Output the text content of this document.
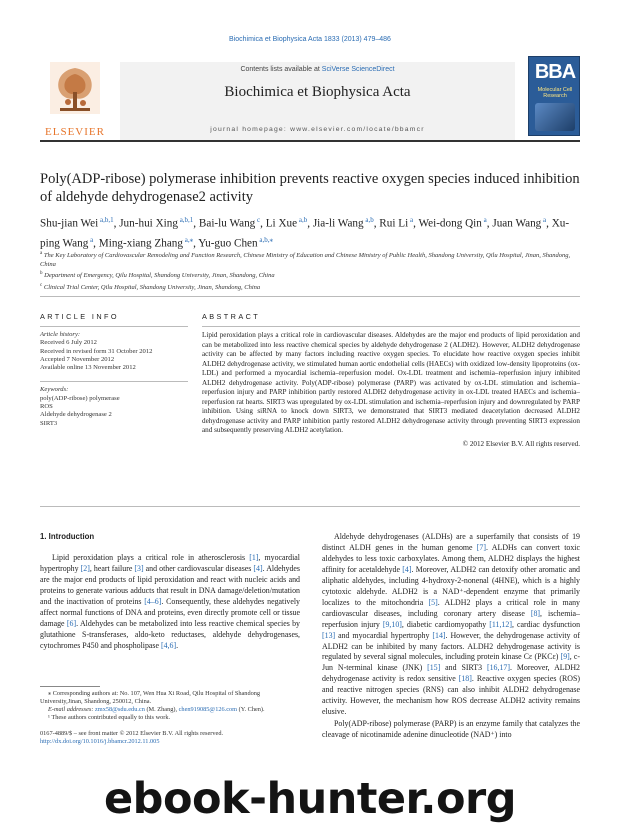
Biochimica et Biophysica Acta 1833 (2013) 479–486
ELSEVIER
Contents lists available at SciVerse ScienceDirect
Biochimica et Biophysica Acta
journal homepage: www.elsevier.com/locate/bbamcr
BBA
Molecular Cell Research
Poly(ADP-ribose) polymerase inhibition prevents reactive oxygen species induced inhibition of aldehyde dehydrogenase2 activity
Shu-jian Wei $^{a,b,1}$, Jun-hui Xing $^{a,b,1}$, Bai-lu Wang $^c$, Li Xue $^{a,b}$, Jia-li Wang $^{a,b}$, Rui Li $^a$, Wei-dong Qin $^a$, Juan Wang $^a$, Xu-ping Wang $^a$, Ming-xiang Zhang $^{a,⁎}$, Yu-guo Chen $^{a,b,⁎}$

$^a$ The Key Laboratory of Cardiovascular Remodeling and Function Research, Chinese Ministry of Education and Chinese Ministry of Public Health, Shandong University, Qilu Hospital, Jinan, Shandong, China

$^b$ Department of Emergency, Qilu Hospital, Shandong University, Jinan, Shandong, China

$^c$ Clinical Trial Center, Qilu Hospital, Shandong University, Jinan, Shandong, China

ARTICLE INFO
Article history:
Received 6 July 2012
Received in revised form 31 October 2012
Accepted 7 November 2012
Available online 13 November 2012
Keywords:
poly(ADP-ribose) polymerase
ROS
Aldehyde dehydrogenase 2
SIRT3
ABSTRACT

Lipid peroxidation plays a critical role in cardiovascular diseases. Aldehydes are the major end products of lipid peroxidation and can be metabolized into less reactive chemical species by aldehyde dehydrogenase 2 (ALDH2). However, ALDH2 dehydrogenase activity can be affected by many factors including reactive oxygen species. To elucidate how reactive oxygen species inhibit ALDH2 dehydrogenase activity, we stimulated human aortic endothelial cells (HAECs) with oxidized low-density lipoproteins (ox-LDL) and performed a myocardial ischemia–reperfusion model. Ox-LDL treatment and ischemia–reperfusion injury inhibited ALDH2 dehydrogenase activity. Poly(ADP-ribose) polymerase (PARP) was activated by ox-LDL stimulation and ischemia–reperfusion injury and PARP inhibition partly restored ALDH2 dehydrogenase activity in ox-LDL treated HAECs and ischemia–reperfusion rat hearts. SIRT3 was upregulated by ox-LDL stimulation and ischemia–reperfusion injury and downregulated by PARP inhibition. Using siRNA to knock down SIRT3, we demonstrated that SIRT3 mediated deacetylation decreased ALDH2 dehydrogenase activity and PARP inhibition partly restored ALDH2 dehydrogenase activity through preventing SIRT3 expression and subsequently preserving ALDH2 acetylation.

© 2012 Elsevier B.V. All rights reserved.
1. Introduction

Lipid peroxidation plays a critical role in atherosclerosis [1], myocardial hypertrophy [2], heart failure [3] and other cardiovascular diseases [4]. Aldehydes are the major end products of lipid peroxidation and react with nucleic acids and proteins to generate various adducts that result in DNA damage/deletion/mutation and the inactivation of proteins [4–6]. Consequently, these aldehydes negatively affect normal functions of DNA and proteins, even directly promote cell or tissue damage [6]. Aldehydes can be metabolized into less reactive chemical species by glutathione S-transferases, aldo-keto reductases, aldehyde dehydrogenases, cytochromes P450 and phospholipase [4,6].

Aldehyde dehydrogenases (ALDHs) are a superfamily that consists of 19 distinct ALDH genes in the human genome [7]. ALDHs can convert toxic aldehydes to less toxic carboxylates. Among them, ALDH2 displays the highest affinity for acetaldehyde [4]. Moreover, ALDH2 can detoxify other aromatic and aliphatic aldehydes, including 4-hydroxy-2-nonenal (4HNE), which is a highly cytotoxic aldehyde. ALDH2 is a NAD⁺-dependent enzyme that primarily localizes to the mitochondria [5]. ALDH2 plays a critical role in many cardiovascular diseases, including coronary artery disease [8], ischemia–reperfusion injury [9,10], diabetic cardiomyopathy [11,12], cardiac dysfunction [13] and myocardial hypertrophy [14]. However, the dehydrogenase activity of ALDH2 can be inhibited by many factors. ALDH2 dehydrogenase activity is regulated by several signal molecules, including protein kinase Cε (PKCε) [9], c-Jun N-terminal kinase (JNK) [15] and SIRT3 [16,17]. Moreover, ALDH2 dehydrogenase activity is redox sensitive [18]. Reactive oxygen species (ROS) and reactive nitrogen species (RNS) can also inhibit ALDH2 dehydrogenase activity. However, the mechanism how ROS decrease ALDH2 activity remains elusive.

Poly(ADP-ribose) polymerase (PARP) is an enzyme family that catalyzes the cleavage of nicotinamide adenine dinucleotide (NAD⁺) into

⁎ Corresponding authors at: No. 107, Wen Hua Xi Road, Qilu Hospital of Shandong University,Jinan, Shandong, 250012, China.
E-mail addresses: zmx58@sdu.edu.cn (M. Zhang), chen919085@126.com (Y. Chen).
¹ These authors contributed equally to this work.
0167-4889/$ – see front matter © 2012 Elsevier B.V. All rights reserved.
http://dx.doi.org/10.1016/j.bbamcr.2012.11.005
ebook-hunter.org
